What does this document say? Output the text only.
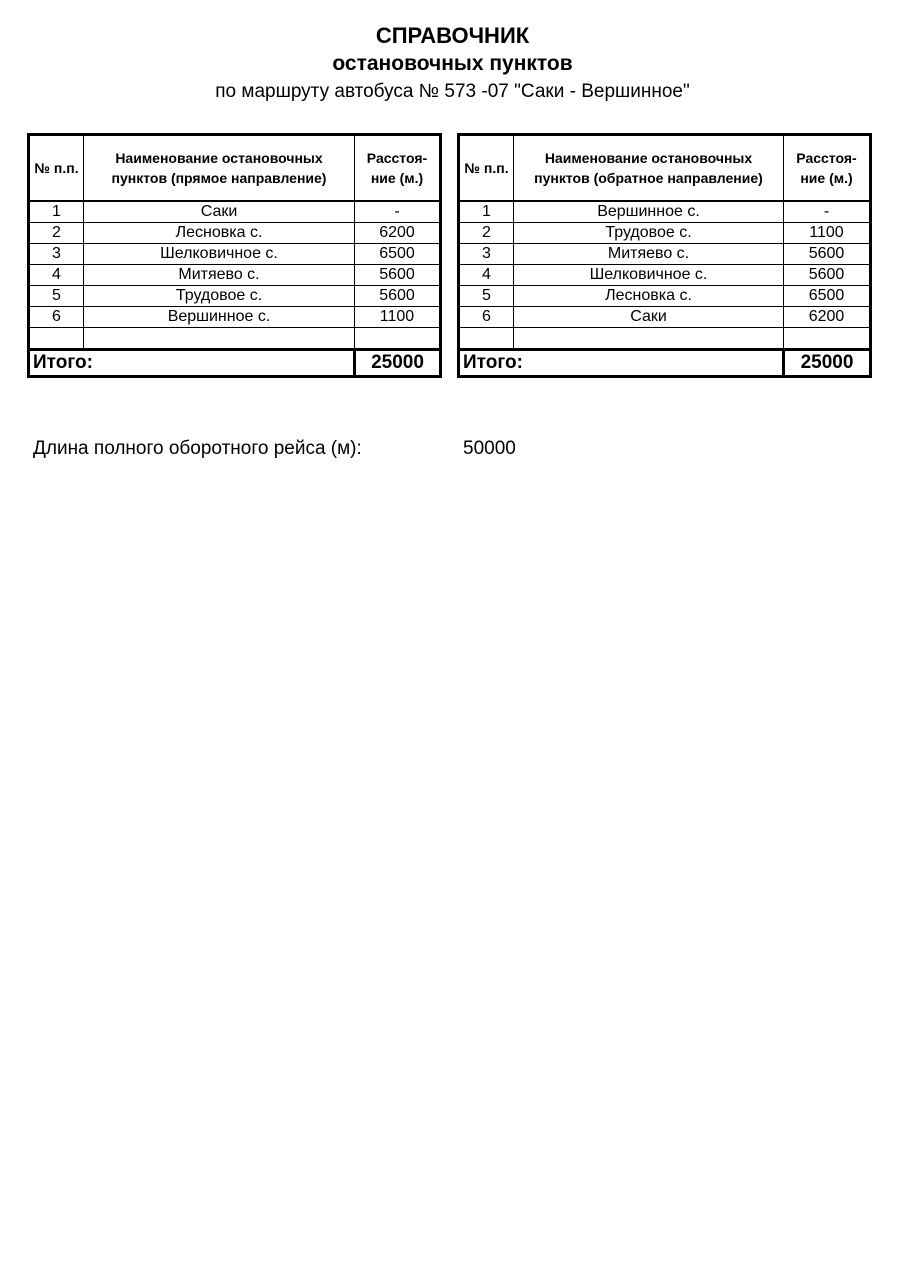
СПРАВОЧНИК
остановочных пунктов
по маршруту автобуса № 573 -07 "Саки - Вершинное"
№ п.п.	Наименование остановочных пунктов (прямое направление)	Расстоя-ние (м.)
1	Саки	-
2	Лесновка с.	6200
3	Шелковичное с.	6500
4	Митяево с.	5600
5	Трудовое с.	5600
6	Вершинное с.	1100

Итого:		25000
№ п.п.	Наименование остановочных пунктов (обратное направление)	Расстоя-ние (м.)
1	Вершинное с.	-
2	Трудовое с.	1100
3	Митяево с.	5600
4	Шелковичное с.	5600
5	Лесновка с.	6500
6	Саки	6200

Итого:		25000
Длина полного оборотного рейса (м):	50000
